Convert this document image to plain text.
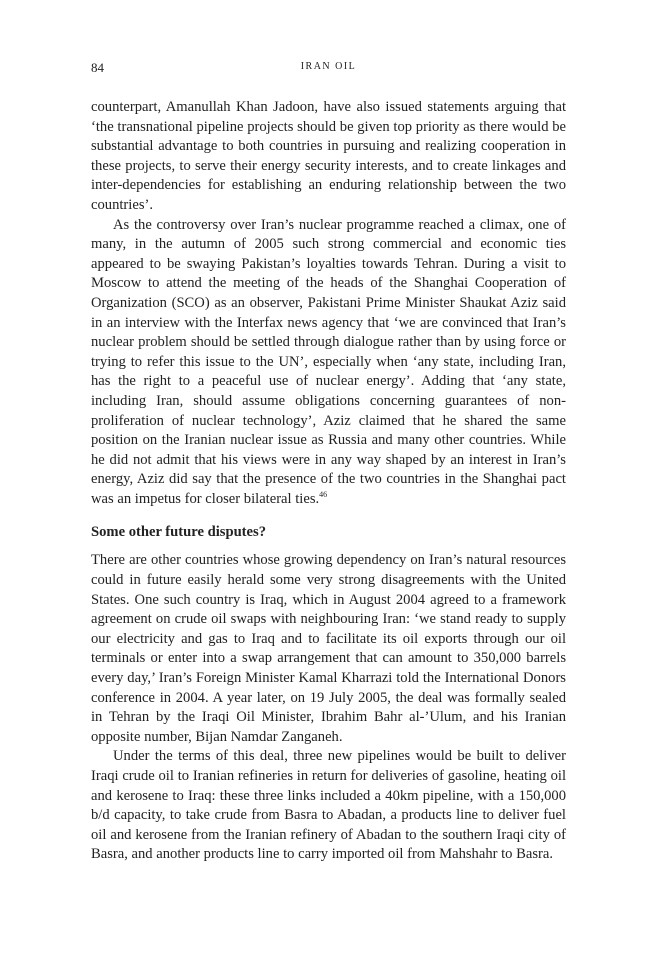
84	IRAN OIL

counterpart, Amanullah Khan Jadoon, have also issued statements arguing that ‘the transnational pipeline projects should be given top priority as there would be substantial advantage to both countries in pursuing and realizing cooperation in these projects, to serve their energy security interests, and to create linkages and inter-dependencies for establishing an enduring relationship between the two countries’.

As the controversy over Iran’s nuclear programme reached a climax, one of many, in the autumn of 2005 such strong commercial and economic ties appeared to be swaying Pakistan’s loyalties towards Tehran. During a visit to Moscow to attend the meeting of the heads of the Shanghai Cooperation of Organization (SCO) as an observer, Pakistani Prime Minister Shaukat Aziz said in an interview with the Interfax news agency that ‘we are convinced that Iran’s nuclear problem should be settled through dialogue rather than by using force or trying to refer this issue to the UN’, especially when ‘any state, including Iran, has the right to a peaceful use of nuclear energy’. Adding that ‘any state, including Iran, should assume obligations concerning guarantees of non-proliferation of nuclear technology’, Aziz claimed that he shared the same position on the Iranian nuclear issue as Russia and many other countries. While he did not admit that his views were in any way shaped by an interest in Iran’s energy, Aziz did say that the presence of the two countries in the Shanghai pact was an impetus for closer bilateral ties.$^{46}$

Some other future disputes?

There are other countries whose growing dependency on Iran’s natural resources could in future easily herald some very strong disagreements with the United States. One such country is Iraq, which in August 2004 agreed to a framework agreement on crude oil swaps with neighbouring Iran: ‘we stand ready to supply our electricity and gas to Iraq and to facilitate its oil exports through our oil terminals or enter into a swap arrangement that can amount to 350,000 barrels every day,’ Iran’s Foreign Minister Kamal Kharrazi told the International Donors conference in 2004. A year later, on 19 July 2005, the deal was formally sealed in Tehran by the Iraqi Oil Minister, Ibrahim Bahr al-’Ulum, and his Iranian opposite number, Bijan Namdar Zanganeh.

Under the terms of this deal, three new pipelines would be built to deliver Iraqi crude oil to Iranian refineries in return for deliveries of gasoline, heating oil and kerosene to Iraq: these three links included a 40km pipeline, with a 150,000 b/d capacity, to take crude from Basra to Abadan, a products line to deliver fuel oil and kerosene from the Iranian refinery of Abadan to the southern Iraqi city of Basra, and another products line to carry imported oil from Mahshahr to Basra.
